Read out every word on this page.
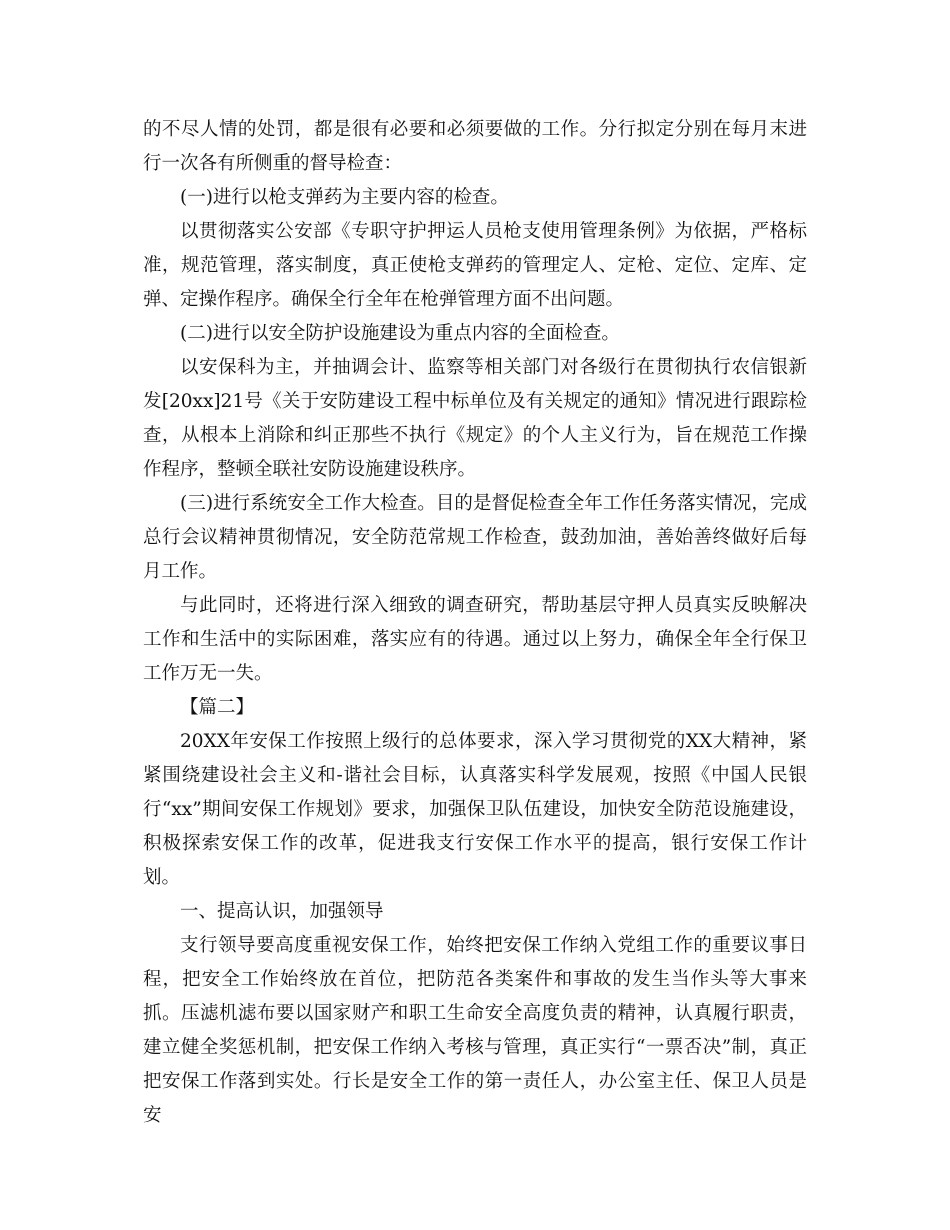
的不尽人情的处罚，都是很有必要和必须要做的工作。分行拟定分别在每月末进行一次各有所侧重的督导检查：

(一)进行以枪支弹药为主要内容的检查。

以贯彻落实公安部《专职守护押运人员枪支使用管理条例》为依据，严格标准，规范管理，落实制度，真正使枪支弹药的管理定人、定枪、定位、定库、定弹、定操作程序。确保全行全年在枪弹管理方面不出问题。

(二)进行以安全防护设施建设为重点内容的全面检查。

以安保科为主，并抽调会计、监察等相关部门对各级行在贯彻执行农信银新发[20xx]21号《关于安防建设工程中标单位及有关规定的通知》情况进行跟踪检查，从根本上消除和纠正那些不执行《规定》的个人主义行为，旨在规范工作操作程序，整顿全联社安防设施建设秩序。

(三)进行系统安全工作大检查。目的是督促检查全年工作任务落实情况，完成总行会议精神贯彻情况，安全防范常规工作检查，鼓劲加油，善始善终做好后每月工作。

与此同时，还将进行深入细致的调查研究，帮助基层守押人员真实反映解决工作和生活中的实际困难，落实应有的待遇。通过以上努力，确保全年全行保卫工作万无一失。

【篇二】

20XX年安保工作按照上级行的总体要求，深入学习贯彻党的XX大精神，紧紧围绕建设社会主义和-谐社会目标，认真落实科学发展观，按照《中国人民银行“xx”期间安保工作规划》要求，加强保卫队伍建设，加快安全防范设施建设，积极探索安保工作的改革，促进我支行安保工作水平的提高，银行安保工作计划。

一、提高认识，加强领导

支行领导要高度重视安保工作，始终把安保工作纳入党组工作的重要议事日程，把安全工作始终放在首位，把防范各类案件和事故的发生当作头等大事来抓。压滤机滤布要以国家财产和职工生命安全高度负责的精神，认真履行职责，建立健全奖惩机制，把安保工作纳入考核与管理，真正实行“一票否决”制，真正把安保工作落到实处。行长是安全工作的第一责任人，办公室主任、保卫人员是安
